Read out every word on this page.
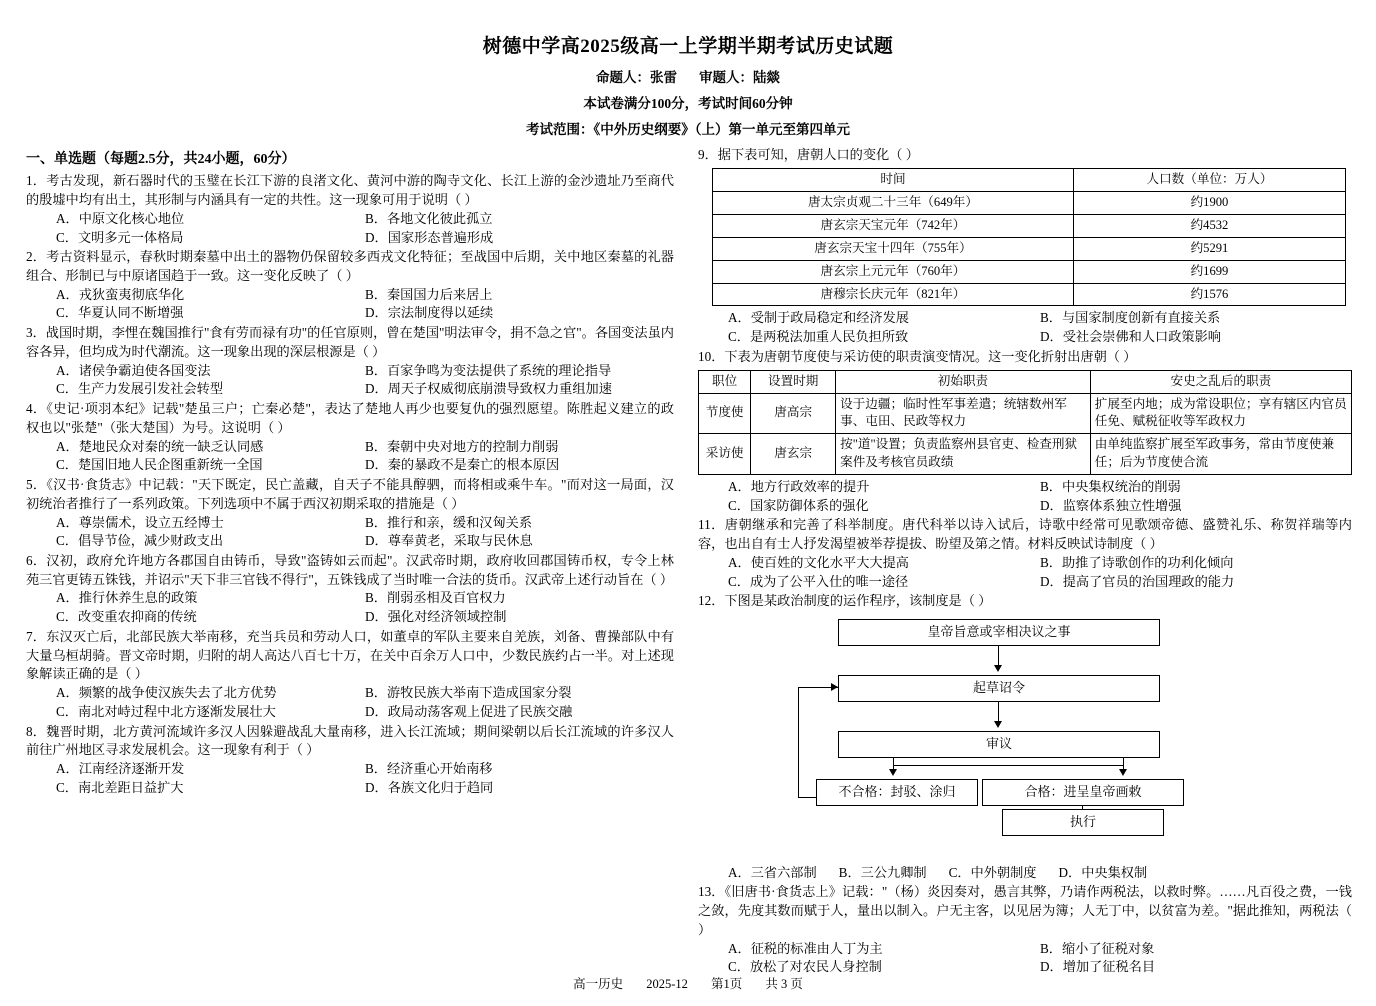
树德中学高2025级高一上学期半期考试历史试题
命题人：张雷 审题人：陆燚
本试卷满分100分，考试时间60分钟
考试范围：《中外历史纲要》（上）第一单元至第四单元
一、单选题（每题2.5分，共24小题，60分）
1．考古发现，新石器时代的玉璧在长江下游的良渚文化、黄河中游的陶寺文化、长江上游的金沙遗址乃至商代的殷墟中均有出土，其形制与内涵具有一定的共性。这一现象可用于说明（ ）
A．中原文化核心地位	B．各地文化彼此孤立
C．文明多元一体格局	D．国家形态普遍形成
2．考古资料显示，春秋时期秦墓中出土的器物仍保留较多西戎文化特征；至战国中后期，关中地区秦墓的礼器组合、形制已与中原诸国趋于一致。这一变化反映了（ ）
A．戎狄蛮夷彻底华化	B．秦国国力后来居上
C．华夏认同不断增强	D．宗法制度得以延续
3．战国时期，李悝在魏国推行"食有劳而禄有功"的任官原则，曾在楚国"明法审令，捐不急之官"。各国变法虽内容各异，但均成为时代潮流。这一现象出现的深层根源是（ ）
A．诸侯争霸迫使各国变法	B．百家争鸣为变法提供了系统的理论指导
C．生产力发展引发社会转型	D．周天子权威彻底崩溃导致权力重组加速
4．《史记·项羽本纪》记载"楚虽三户；亡秦必楚"，表达了楚地人再少也要复仇的强烈愿望。陈胜起义建立的政权也以"张楚"（张大楚国）为号。这说明（ ）
A．楚地民众对秦的统一缺乏认同感	B．秦朝中央对地方的控制力削弱
C．楚国旧地人民企图重新统一全国	D．秦的暴政不是秦亡的根本原因
5．《汉书·食货志》中记载："天下既定，民亡盖藏，自天子不能具醇驷，而将相或乘牛车。"而对这一局面，汉初统治者推行了一系列政策。下列选项中不属于西汉初期采取的措施是（ ）
A．尊崇儒术，设立五经博士	B．推行和亲，缓和汉匈关系
C．倡导节俭，减少财政支出	D．尊奉黄老，采取与民休息
6．汉初，政府允许地方各郡国自由铸币，导致"盗铸如云而起"。汉武帝时期，政府收回郡国铸币权，专令上林苑三官更铸五铢钱，并诏示"天下非三官钱不得行"，五铢钱成了当时唯一合法的货币。汉武帝上述行动旨在（ ）
A．推行休养生息的政策	B．削弱丞相及百官权力
C．改变重农抑商的传统	D．强化对经济领域控制
7．东汉灭亡后，北部民族大举南移，充当兵员和劳动人口，如董卓的军队主要来自羌族，刘备、曹操部队中有大量乌桓胡骑。晋文帝时期，归附的胡人高达八百七十万，在关中百余万人口中，少数民族约占一半。对上述现象解读正确的是（ ）
A．频繁的战争使汉族失去了北方优势	B．游牧民族大举南下造成国家分裂
C．南北对峙过程中北方逐渐发展壮大	D．政局动荡客观上促进了民族交融
8．魏晋时期，北方黄河流域许多汉人因躲避战乱大量南移，进入长江流域；期间梁朝以后长江流域的许多汉人前往广州地区寻求发展机会。这一现象有利于（ ）
A．江南经济逐渐开发	B．经济重心开始南移
C．南北差距日益扩大	D．各族文化归于趋同
9．据下表可知，唐朝人口的变化（ ）
时间	人口数（单位：万人）
唐太宗贞观二十三年（649年）	约1900
唐玄宗天宝元年（742年）	约4532
唐玄宗天宝十四年（755年）	约5291
唐玄宗上元元年（760年）	约1699
唐穆宗长庆元年（821年）	约1576
A．受制于政局稳定和经济发展	B．与国家制度创新有直接关系
C．是两税法加重人民负担所致	D．受社会崇佛和人口政策影响
10．下表为唐朝节度使与采访使的职责演变情况。这一变化折射出唐朝（ ）
职位	设置时期	初始职责	安史之乱后的职责
节度使	唐高宗	设于边疆；临时性军事差遣；统辖数州军事、屯田、民政等权力	扩展至内地；成为常设职位；享有辖区内官员任免、赋税征收等军政权力
采访使	唐玄宗	按"道"设置；负责监察州县官吏、检查刑狱案件及考核官员政绩	由单纯监察扩展至军政事务，常由节度使兼任；后为节度使合流
A．地方行政效率的提升	B．中央集权统治的削弱
C．国家防御体系的强化	D．监察体系独立性增强
11．唐朝继承和完善了科举制度。唐代科举以诗入试后，诗歌中经常可见歌颂帝德、盛赞礼乐、称贺祥瑞等内容，也出自有士人抒发渴望被举荐提拔、盼望及第之情。材料反映试诗制度（ ）
A．使百姓的文化水平大大提高	B．助推了诗歌创作的功利化倾向
C．成为了公平入仕的唯一途径	D．提高了官员的治国理政的能力
12．下图是某政治制度的运作程序，该制度是（ ）
皇帝旨意或宰相决议之事
起草诏令
审议
不合格：封驳、涂归	合格：进呈皇帝画敕
执行
A．三省六部制	B．三公九卿制	C．中外朝制度	D．中央集权制
13．《旧唐书·食货志上》记载："（杨）炎因奏对，愚言其弊，乃请作两税法，以救时弊。……凡百役之费，一钱之敛，先度其数而赋于人，量出以制入。户无主客，以见居为簿；人无丁中，以贫富为差。"据此推知，两税法（ ）
A．征税的标准由人丁为主	B．缩小了征税对象
C．放松了对农民人身控制	D．增加了征税名目
高一历史 2025-12 第1页 共 3 页
